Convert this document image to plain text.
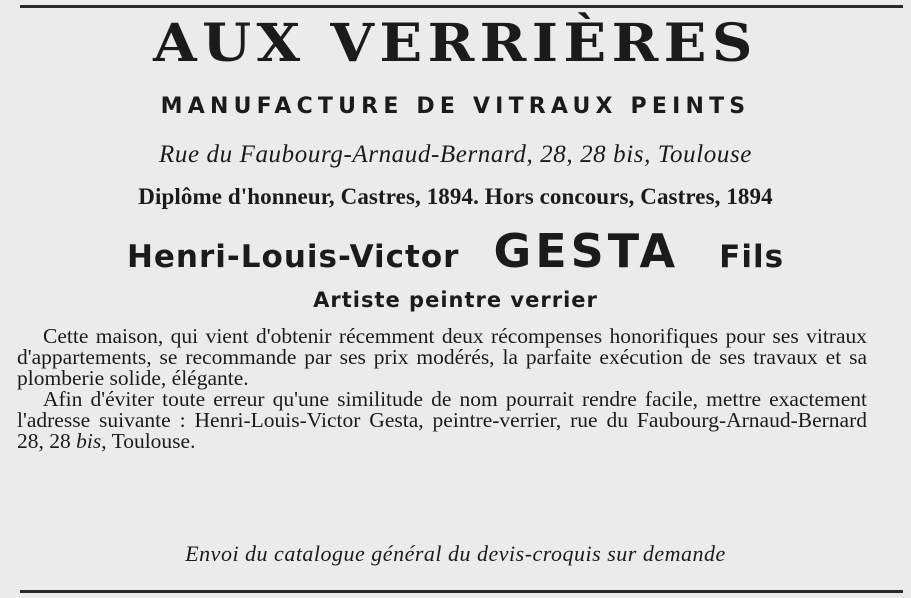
AUX VERRIÈRES
MANUFACTURE DE VITRAUX PEINTS
Rue du Faubourg-Arnaud-Bernard, 28, 28 bis, Toulouse
Diplôme d'honneur, Castres, 1894. Hors concours, Castres, 1894
Henri-Louis-Victor GESTA Fils
Artiste peintre verrier

Cette maison, qui vient d'obtenir récemment deux récompenses honorifiques pour ses vitraux d'appartements, se recommande par ses prix modérés, la parfaite exécution de ses travaux et sa plomberie solide, élégante.

Afin d'éviter toute erreur qu'une similitude de nom pourrait rendre facile, mettre exactement l'adresse suivante : Henri-Louis-Victor Gesta, peintre-verrier, rue du Faubourg-Arnaud-Bernard 28, 28 bis, Toulouse.

Envoi du catalogue général du devis-croquis sur demande
